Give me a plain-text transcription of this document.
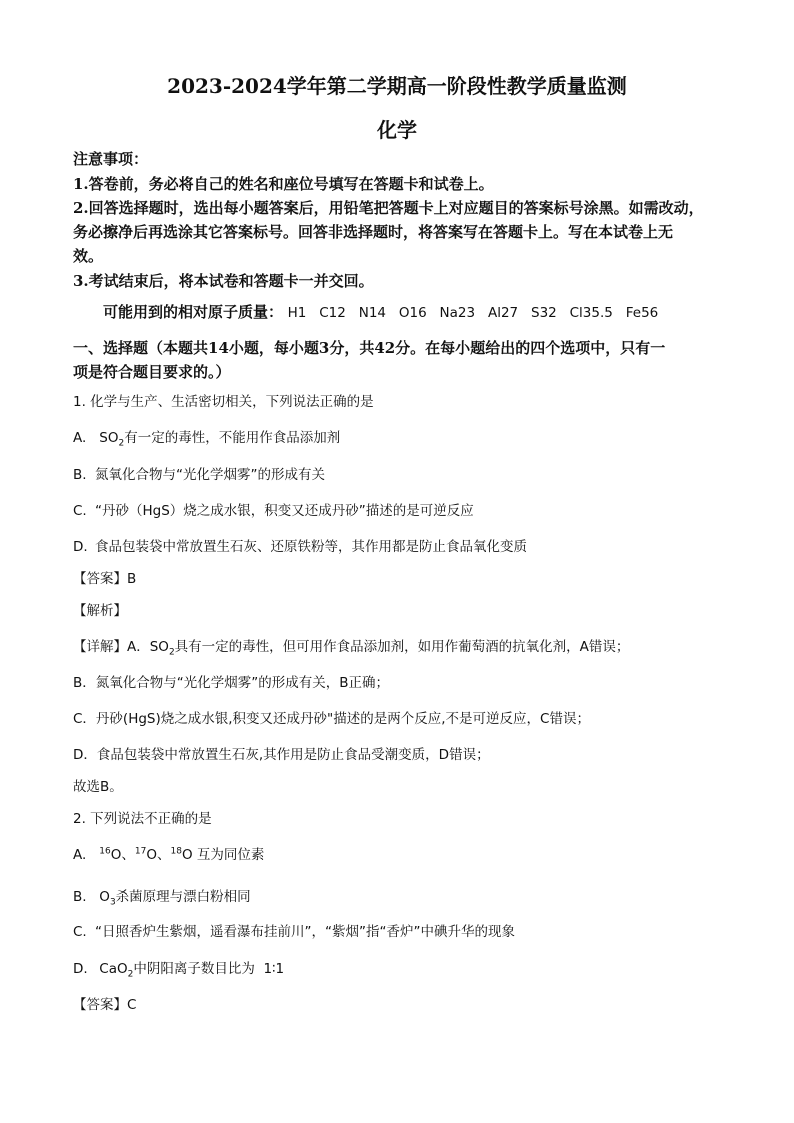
2023-2024学年第二学期高一阶段性教学质量监测
化学
注意事项：
1.答卷前，务必将自己的姓名和座位号填写在答题卡和试卷上。
2.回答选择题时，选出每小题答案后，用铅笔把答题卡上对应题目的答案标号涂黑。如需改动，
务必擦净后再选涂其它答案标号。回答非选择题时，将答案写在答题卡上。写在本试卷上无
效。
3.考试结束后，将本试卷和答题卡一并交回。
可能用到的相对原子质量： H1   C12   N14   O16   Na23   Al27   S32   Cl35.5   Fe56
一、选择题（本题共14小题，每小题3分，共42分。在每小题给出的四个选项中，只有一
项是符合题目要求的。）
1. 化学与生产、生活密切相关，下列说法正确的是
A. $SO_2$有一定的毒性，不能用作食品添加剂
B. 氮氧化合物与“光化学烟雾”的形成有关
C. “丹砂（HgS）烧之成水银，积变又还成丹砂”描述的是可逆反应
D. 食品包装袋中常放置生石灰、还原铁粉等，其作用都是防止食品氧化变质
【答案】B
【解析】
【详解】A．$SO_2$具有一定的毒性，但可用作食品添加剂，如用作葡萄酒的抗氧化剂，A错误；
B．氮氧化合物与“光化学烟雾”的形成有关，B正确；
C．丹砂(HgS)烧之成水银,积变又还成丹砂"描述的是两个反应,不是可逆反应，C错误；
D．食品包装袋中常放置生石灰,其作用是防止食品受潮变质，D错误；
故选B。
2. 下列说法不正确的是
A. $^{16}$O、$^{17}$O、$^{18}$O 互为同位素
B. $O_3$杀菌原理与漂白粉相同
C. “日照香炉生紫烟，遥看瀑布挂前川”，“紫烟”指“香炉”中碘升华的现象
D. CaO$_2$中阴阳离子数目比为  1∶1
【答案】C
